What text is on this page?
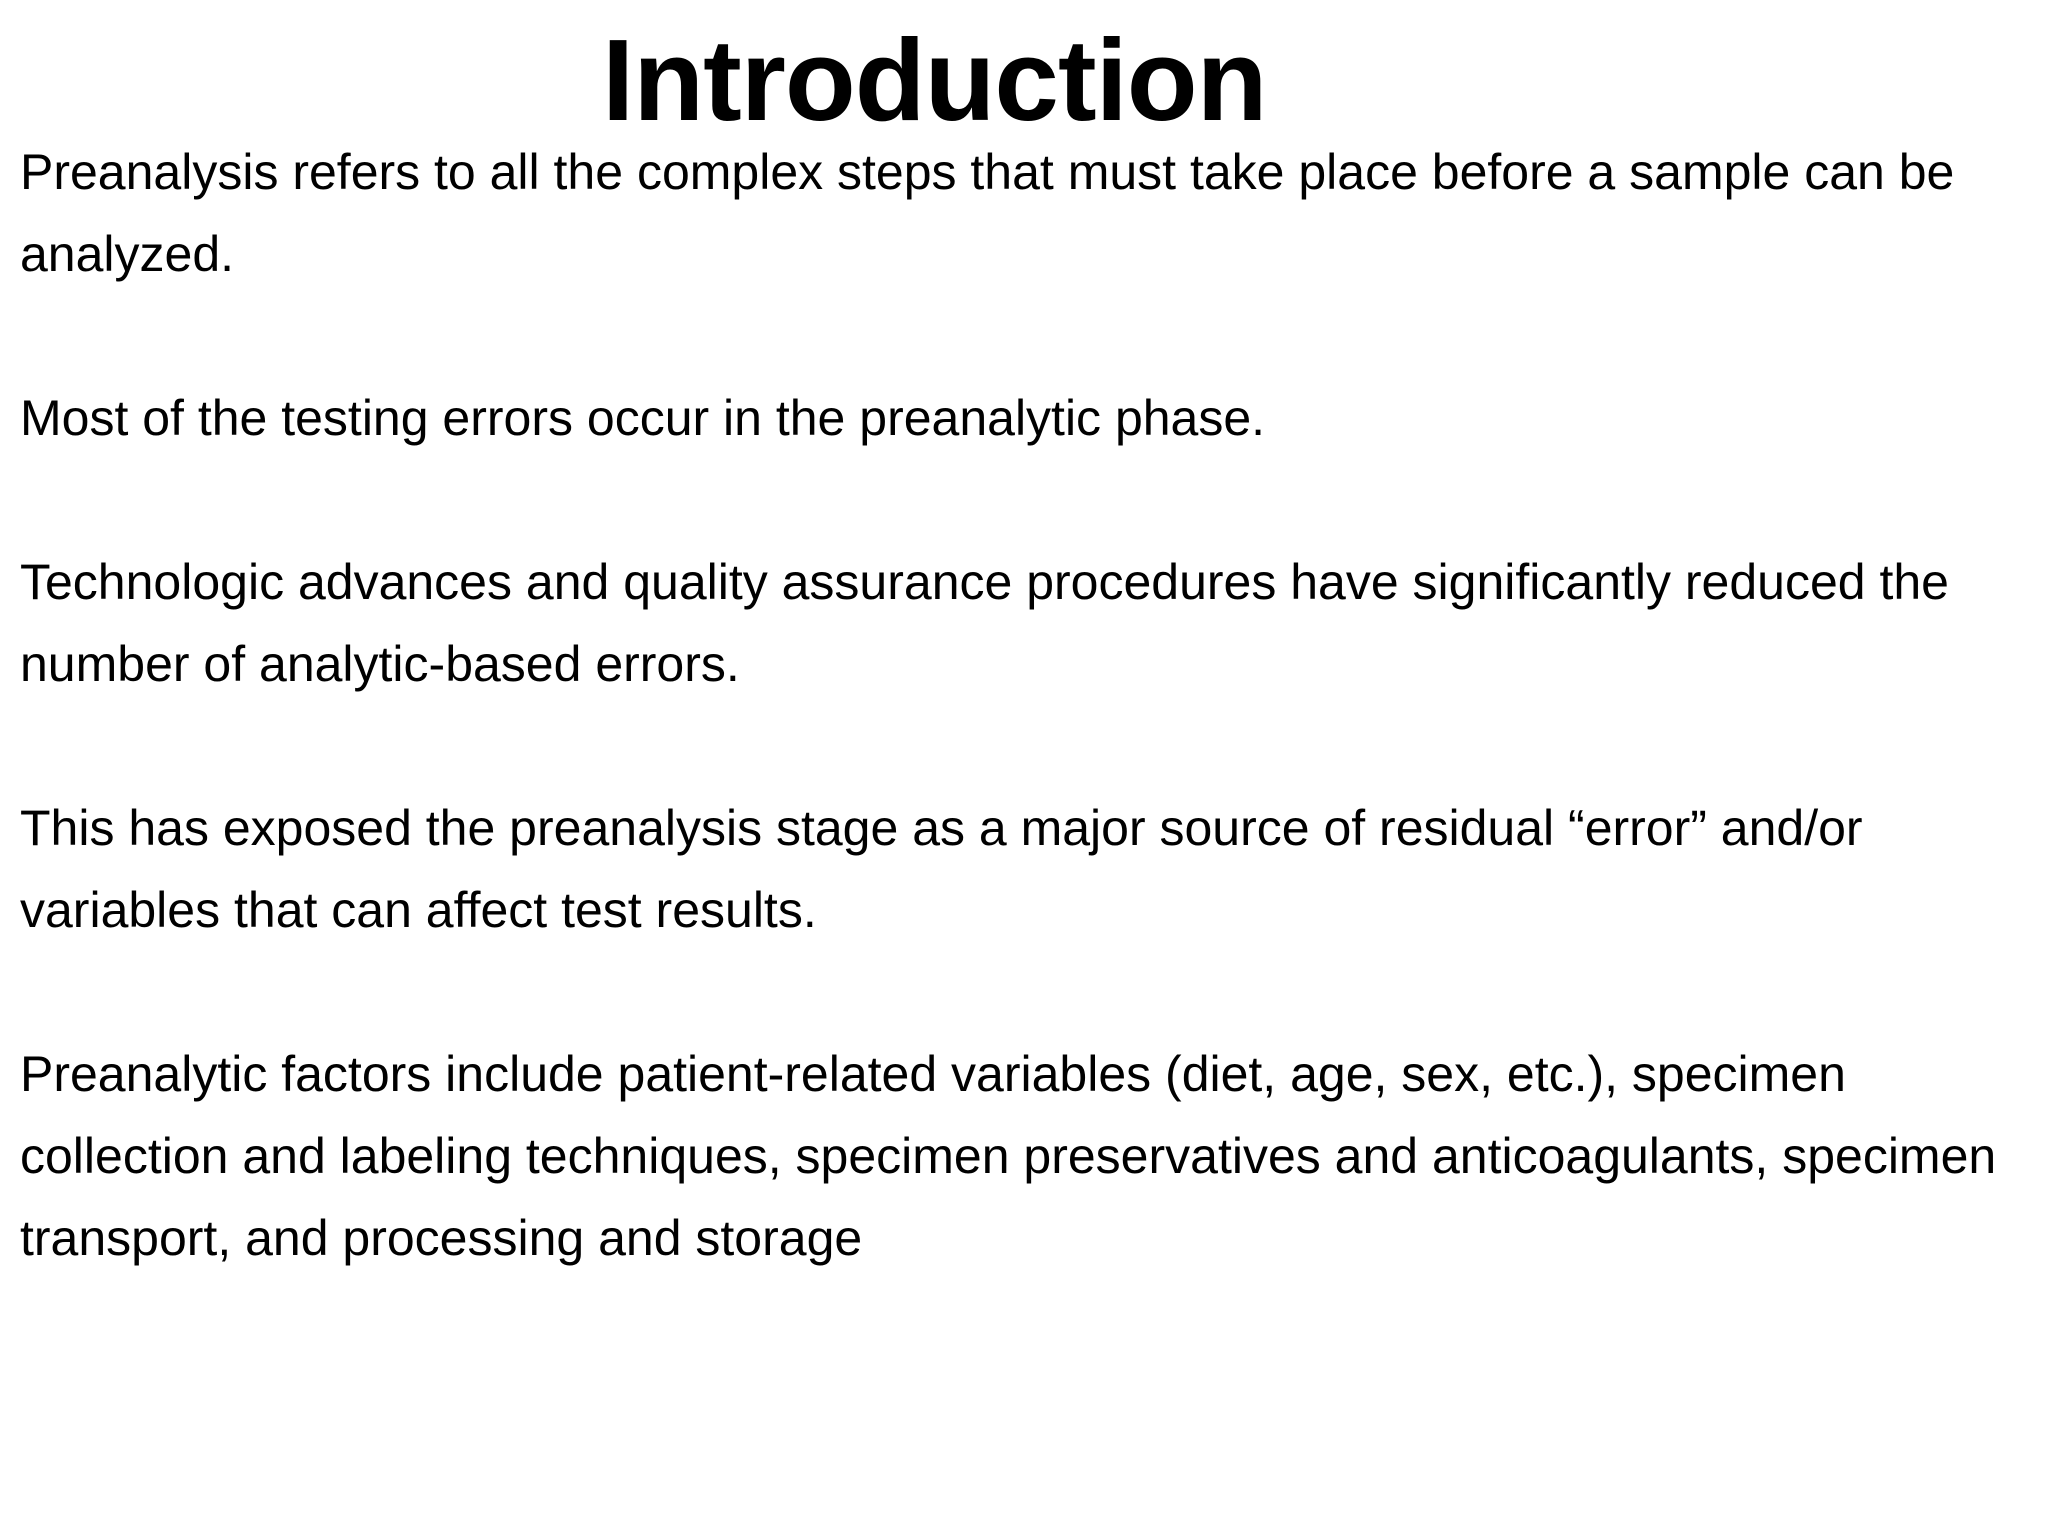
Introduction

Preanalysis refers to all the complex steps that must take place before a sample can be analyzed.

Most of the testing errors occur in the preanalytic phase.

Technologic advances and quality assurance procedures have significantly reduced the number of analytic-based errors.

This has exposed the preanalysis stage as a major source of residual “error” and/or variables that can affect test results.

Preanalytic factors include patient-related variables (diet, age, sex, etc.), specimen collection and labeling techniques, specimen preservatives and anticoagulants, specimen transport, and processing and storage
